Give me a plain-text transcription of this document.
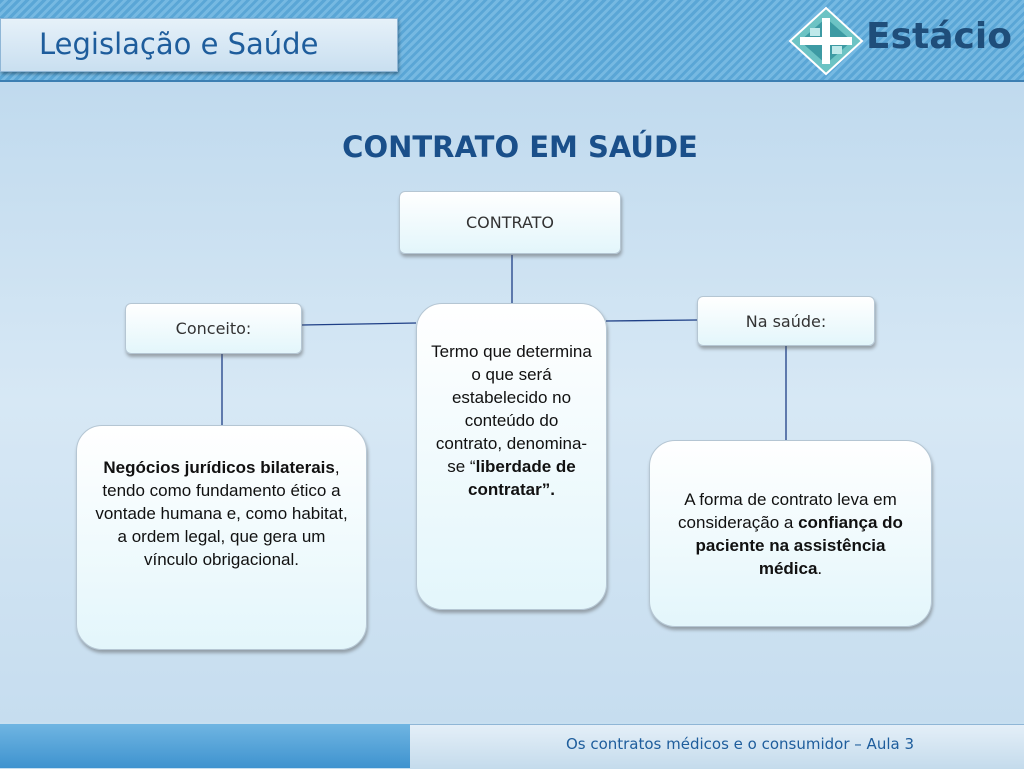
Legislação e Saúde	Estácio
CONTRATO EM SAÚDE
CONTRATO
Conceito:	Na saúde:

Termo que determina o que será estabelecido no conteúdo do contrato, denomina-se “liberdade de contratar”.

Negócios jurídicos bilaterais, tendo como fundamento ético a vontade humana e, como habitat, a ordem legal, que gera um vínculo obrigacional.

A forma de contrato leva em consideração a confiança do paciente na assistência médica.

Os contratos médicos e o consumidor – Aula 3
